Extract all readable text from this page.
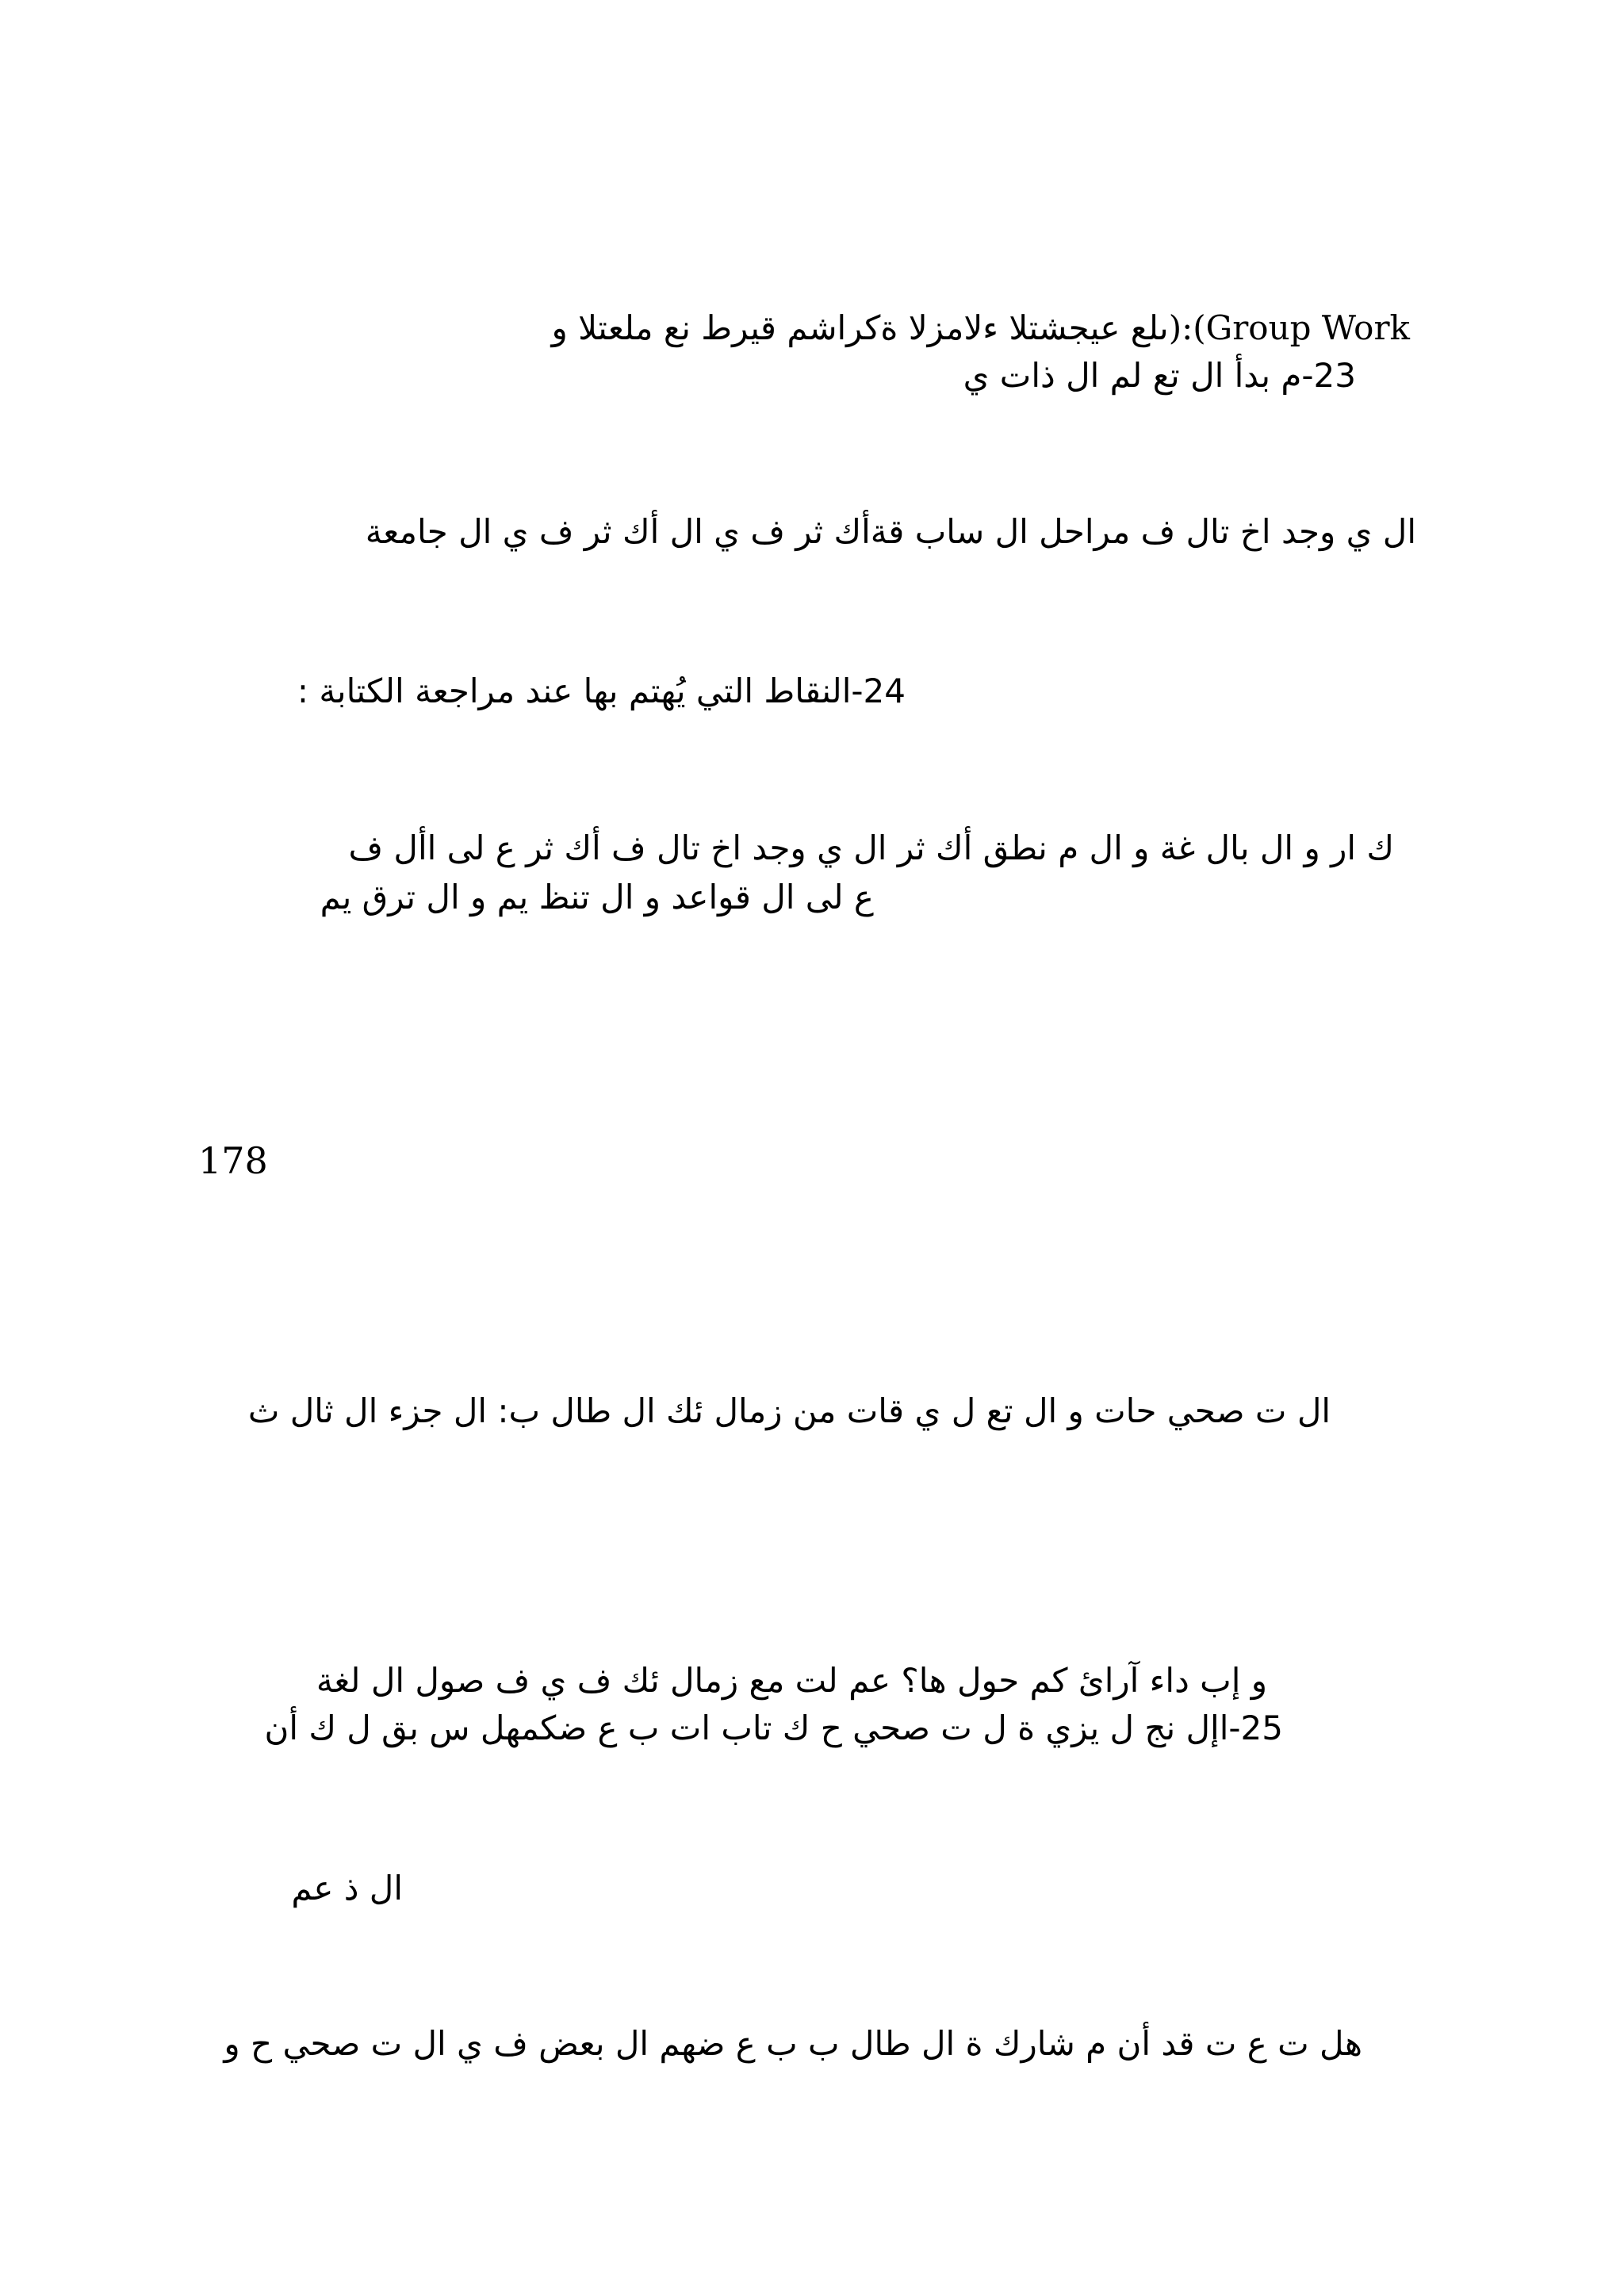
Group Work):(ىلع عيجشتلا ءلامزلا ةكراشم قيرط نع ملعتلا و
23-م بدأ ال تع لم ال ذات ي
ال ي وجد اخ تال ف مراحل ال ساب قةأك ثر ف ي ال أك ثر ف ي ال جامعة
24-النقاط التي يُهتم بها عند مراجعة الكتابة :
ك ار و ال بال غة و ال م نطق أك ثر ال ي وجد اخ تال ف أك ثر ع لى األ ف
ع لى ال قواعد و ال تنظ يم و ال ترق يم
178
ال ت صحي حات و ال تع ل ي قات من زمال ئك ال طال ب: ال جزء ال ثال ث
و إب داء آرائ كم حول ها؟ عم لت مع زمال ئك ف ي ف صول ال لغة
25-اإل نج ل يزي ة ل ت صحي ح ك تاب ات ب ع ضكمهل س بق ل ك أن
ال ذ عم
هل ت ع ت قد أن م شارك ة ال طال ب ب ع ضهم ال بعض ف ي ال ت صحي ح و
